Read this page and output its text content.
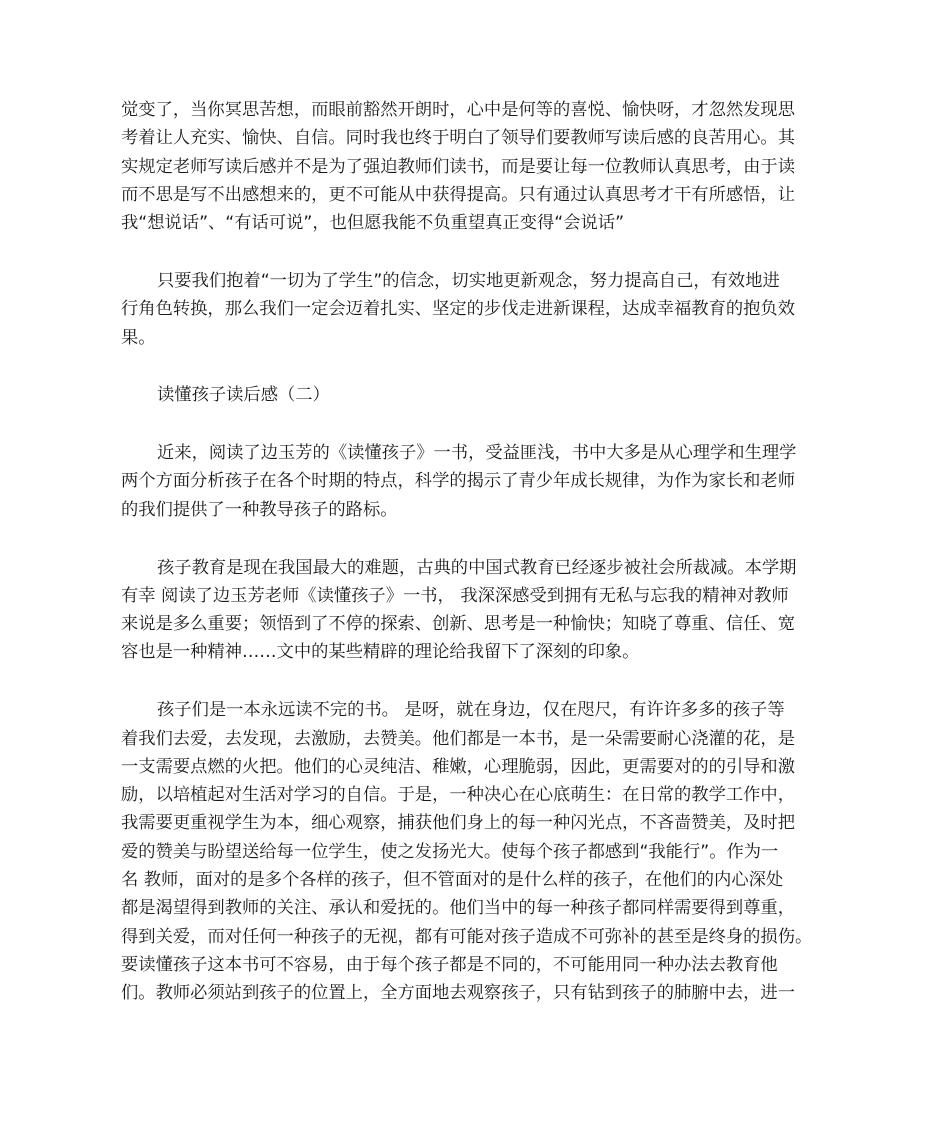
觉变了，当你冥思苦想，而眼前豁然开朗时，心中是何等的喜悦、愉快呀，才忽然发现思
考着让人充实、愉快、自信。同时我也终于明白了领导们要教师写读后感的良苦用心。其
实规定老师写读后感并不是为了强迫教师们读书，而是要让每一位教师认真思考，由于读
而不思是写不出感想来的，更不可能从中获得提高。只有通过认真思考才干有所感悟，让
我“想说话”、“有话可说”，也但愿我能不负重望真正变得“会说话”

只要我们抱着“一切为了学生”的信念，切实地更新观念，努力提高自己，有效地进
行角色转换，那么我们一定会迈着扎实、坚定的步伐走进新课程，达成幸福教育的抱负效
果。

读懂孩子读后感（二）

近来，阅读了边玉芳的《读懂孩子》一书，受益匪浅，书中大多是从心理学和生理学
两个方面分析孩子在各个时期的特点，科学的揭示了青少年成长规律，为作为家长和老师
的我们提供了一种教导孩子的路标。

孩子教育是现在我国最大的难题，古典的中国式教育已经逐步被社会所裁减。本学期
有幸 阅读了边玉芳老师《读懂孩子》一书， 我深深感受到拥有无私与忘我的精神对教师
来说是多么重要；领悟到了不停的探索、创新、思考是一种愉快；知晓了尊重、信任、宽
容也是一种精神……文中的某些精辟的理论给我留下了深刻的印象。

孩子们是一本永远读不完的书。 是呀，就在身边，仅在咫尺，有许许多多的孩子等
着我们去爱，去发现，去激励，去赞美。他们都是一本书，是一朵需要耐心浇灌的花，是
一支需要点燃的火把。他们的心灵纯洁、稚嫩，心理脆弱，因此，更需要对的的引导和激
励，以培植起对生活对学习的自信。于是，一种决心在心底萌生：在日常的教学工作中，
我需要更重视学生为本，细心观察，捕获他们身上的每一种闪光点，不吝啬赞美，及时把
爱的赞美与盼望送给每一位学生，使之发扬光大。使每个孩子都感到“我能行”。作为一
名 教师，面对的是多个各样的孩子，但不管面对的是什么样的孩子，在他们的内心深处
都是渴望得到教师的关注、承认和爱抚的。他们当中的每一种孩子都同样需要得到尊重，
得到关爱，而对任何一种孩子的无视，都有可能对孩子造成不可弥补的甚至是终身的损伤。
要读懂孩子这本书可不容易，由于每个孩子都是不同的，不可能用同一种办法去教育他
们。教师必须站到孩子的位置上，全方面地去观察孩子，只有钻到孩子的肺腑中去，进一
